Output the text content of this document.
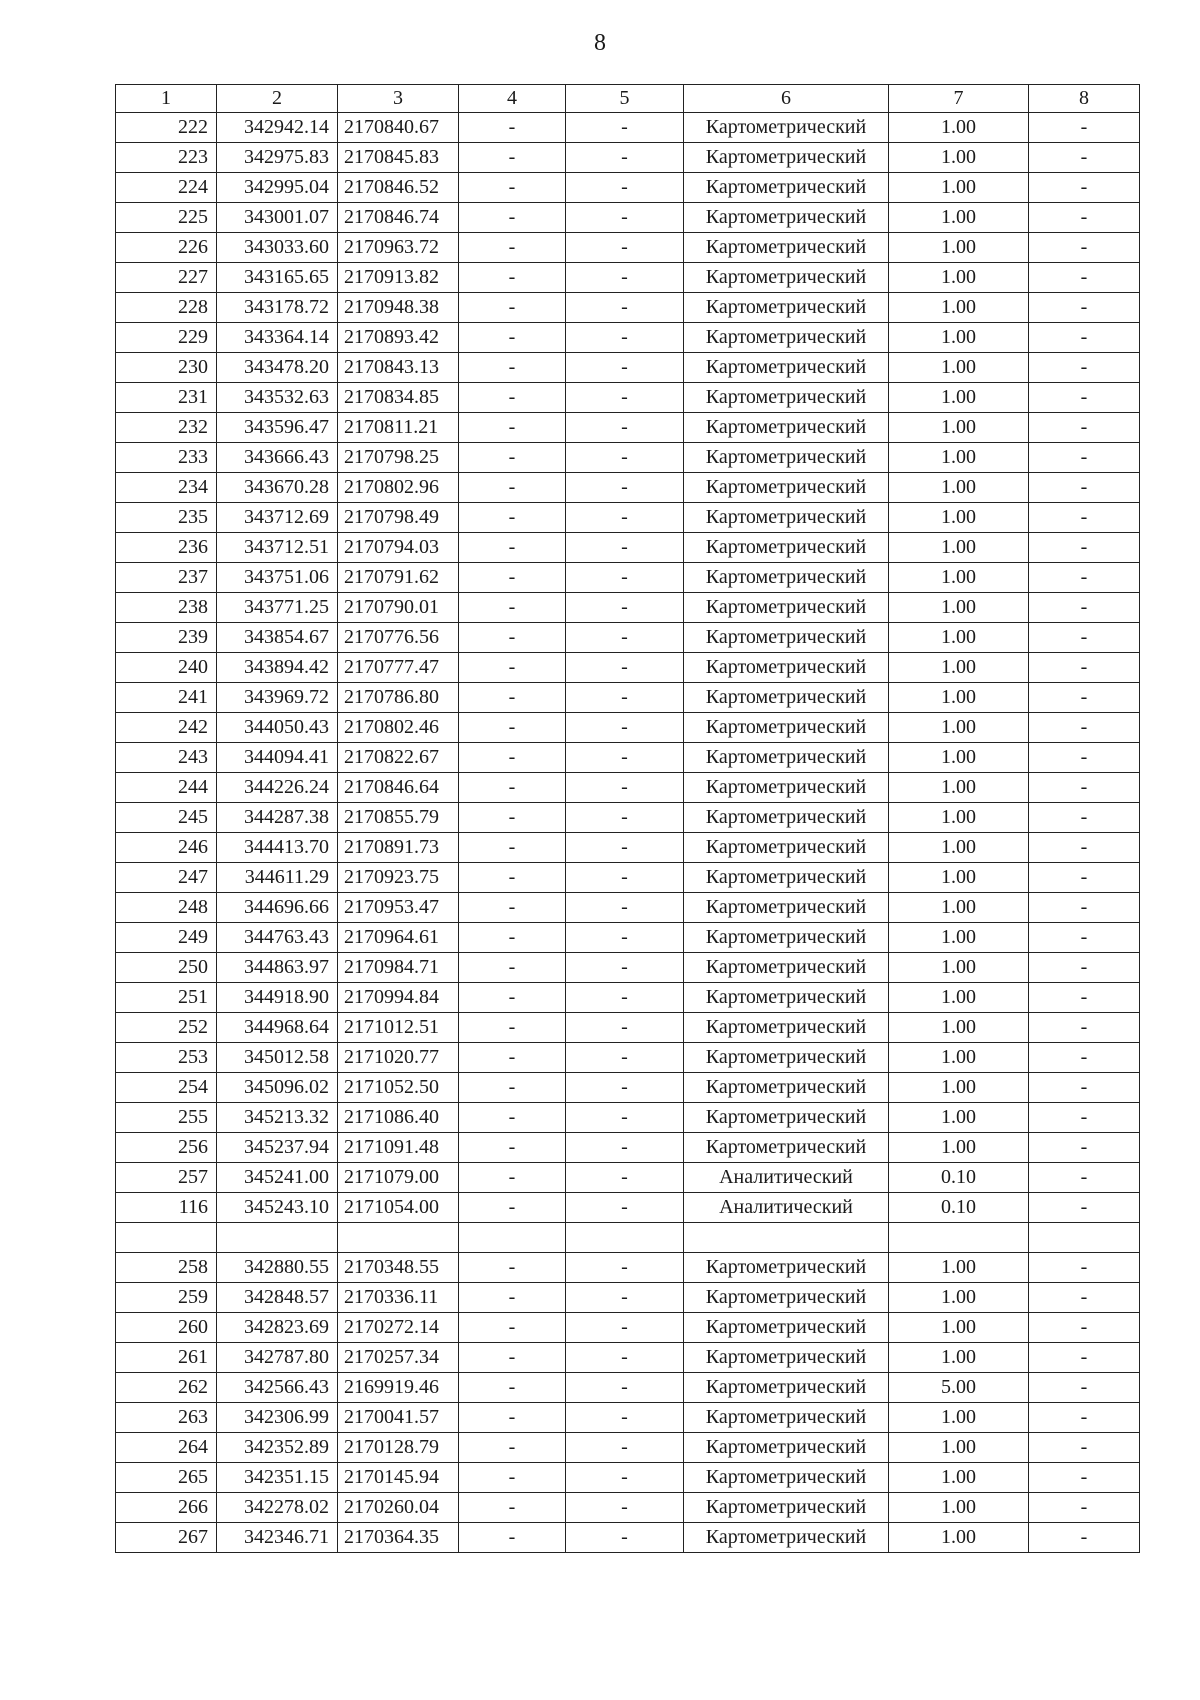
8
1	2	3	4	5	6	7	8
222	342942.14	2170840.67	-	-	Картометрический	1.00	-
223	342975.83	2170845.83	-	-	Картометрический	1.00	-
224	342995.04	2170846.52	-	-	Картометрический	1.00	-
225	343001.07	2170846.74	-	-	Картометрический	1.00	-
226	343033.60	2170963.72	-	-	Картометрический	1.00	-
227	343165.65	2170913.82	-	-	Картометрический	1.00	-
228	343178.72	2170948.38	-	-	Картометрический	1.00	-
229	343364.14	2170893.42	-	-	Картометрический	1.00	-
230	343478.20	2170843.13	-	-	Картометрический	1.00	-
231	343532.63	2170834.85	-	-	Картометрический	1.00	-
232	343596.47	2170811.21	-	-	Картометрический	1.00	-
233	343666.43	2170798.25	-	-	Картометрический	1.00	-
234	343670.28	2170802.96	-	-	Картометрический	1.00	-
235	343712.69	2170798.49	-	-	Картометрический	1.00	-
236	343712.51	2170794.03	-	-	Картометрический	1.00	-
237	343751.06	2170791.62	-	-	Картометрический	1.00	-
238	343771.25	2170790.01	-	-	Картометрический	1.00	-
239	343854.67	2170776.56	-	-	Картометрический	1.00	-
240	343894.42	2170777.47	-	-	Картометрический	1.00	-
241	343969.72	2170786.80	-	-	Картометрический	1.00	-
242	344050.43	2170802.46	-	-	Картометрический	1.00	-
243	344094.41	2170822.67	-	-	Картометрический	1.00	-
244	344226.24	2170846.64	-	-	Картометрический	1.00	-
245	344287.38	2170855.79	-	-	Картометрический	1.00	-
246	344413.70	2170891.73	-	-	Картометрический	1.00	-
247	344611.29	2170923.75	-	-	Картометрический	1.00	-
248	344696.66	2170953.47	-	-	Картометрический	1.00	-
249	344763.43	2170964.61	-	-	Картометрический	1.00	-
250	344863.97	2170984.71	-	-	Картометрический	1.00	-
251	344918.90	2170994.84	-	-	Картометрический	1.00	-
252	344968.64	2171012.51	-	-	Картометрический	1.00	-
253	345012.58	2171020.77	-	-	Картометрический	1.00	-
254	345096.02	2171052.50	-	-	Картометрический	1.00	-
255	345213.32	2171086.40	-	-	Картометрический	1.00	-
256	345237.94	2171091.48	-	-	Картометрический	1.00	-
257	345241.00	2171079.00	-	-	Аналитический	0.10	-
116	345243.10	2171054.00	-	-	Аналитический	0.10	-

258	342880.55	2170348.55	-	-	Картометрический	1.00	-
259	342848.57	2170336.11	-	-	Картометрический	1.00	-
260	342823.69	2170272.14	-	-	Картометрический	1.00	-
261	342787.80	2170257.34	-	-	Картометрический	1.00	-
262	342566.43	2169919.46	-	-	Картометрический	5.00	-
263	342306.99	2170041.57	-	-	Картометрический	1.00	-
264	342352.89	2170128.79	-	-	Картометрический	1.00	-
265	342351.15	2170145.94	-	-	Картометрический	1.00	-
266	342278.02	2170260.04	-	-	Картометрический	1.00	-
267	342346.71	2170364.35	-	-	Картометрический	1.00	-
